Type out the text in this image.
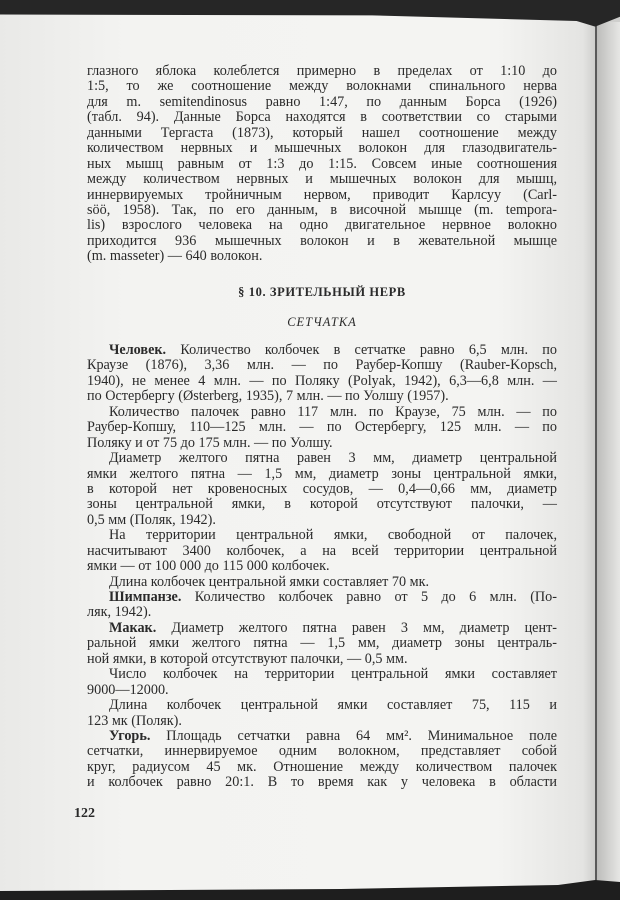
глазного яблока колеблется примерно в пределах от 1:10 до
1:5, то же соотношение между волокнами спинального нерва
для m. semitendinosus равно 1:47, по данным Борса (1926)
(табл. 94). Данные Борса находятся в соответствии со старыми
данными Тергаста (1873), который нашел соотношение между
количеством нервных и мышечных волокон для глазодвигатель-
ных мышц равным от 1:3 до 1:15. Совсем иные соотношения
между количеством нервных и мышечных волокон для мышц,
иннервируемых тройничным нервом, приводит Карлсуу (Carl-
söö, 1958). Так, по его данным, в височной мышце (m. tempora-
lis) взрослого человека на одно двигательное нервное волокно
приходится 936 мышечных волокон и в жевательной мышце
(m. masseter) — 640 волокон.
§ 10. ЗРИТЕЛЬНЫЙ НЕРВ
СЕТЧАТКА
Человек. Количество колбочек в сетчатке равно 6,5 млн. по
Краузе (1876), 3,36 млн. — по Раубер-Копшу (Rauber-Kopsch,
1940), не менее 4 млн. — по Поляку (Polyak, 1942), 6,3—6,8 млн. —
по Остербергу (Østerberg, 1935), 7 млн. — по Уолшу (1957).
Количество палочек равно 117 млн. по Краузе, 75 млн. — по
Раубер-Копшу, 110—125 млн. — по Остербергу, 125 млн. — по
Поляку и от 75 до 175 млн. — по Уолшу.
Диаметр желтого пятна равен 3 мм, диаметр центральной
ямки желтого пятна — 1,5 мм, диаметр зоны центральной ямки,
в которой нет кровеносных сосудов, — 0,4—0,66 мм, диаметр
зоны центральной ямки, в которой отсутствуют палочки, —
0,5 мм (Поляк, 1942).
На территории центральной ямки, свободной от палочек,
насчитывают 3400 колбочек, а на всей территории центральной
ямки — от 100 000 до 115 000 колбочек.
Длина колбочек центральной ямки составляет 70 мк.
Шимпанзе. Количество колбочек равно от 5 до 6 млн. (По-
ляк, 1942).
Макак. Диаметр желтого пятна равен 3 мм, диаметр цент-
ральной ямки желтого пятна — 1,5 мм, диаметр зоны централь-
ной ямки, в которой отсутствуют палочки, — 0,5 мм.
Число колбочек на территории центральной ямки составляет
9000—12000.
Длина колбочек центральной ямки составляет 75, 115 и
123 мк (Поляк).
Угорь. Площадь сетчатки равна 64 мм². Минимальное поле
сетчатки, иннервируемое одним волокном, представляет собой
круг, радиусом 45 мк. Отношение между количеством палочек
и колбочек равно 20:1. В то время как у человека в области
122
